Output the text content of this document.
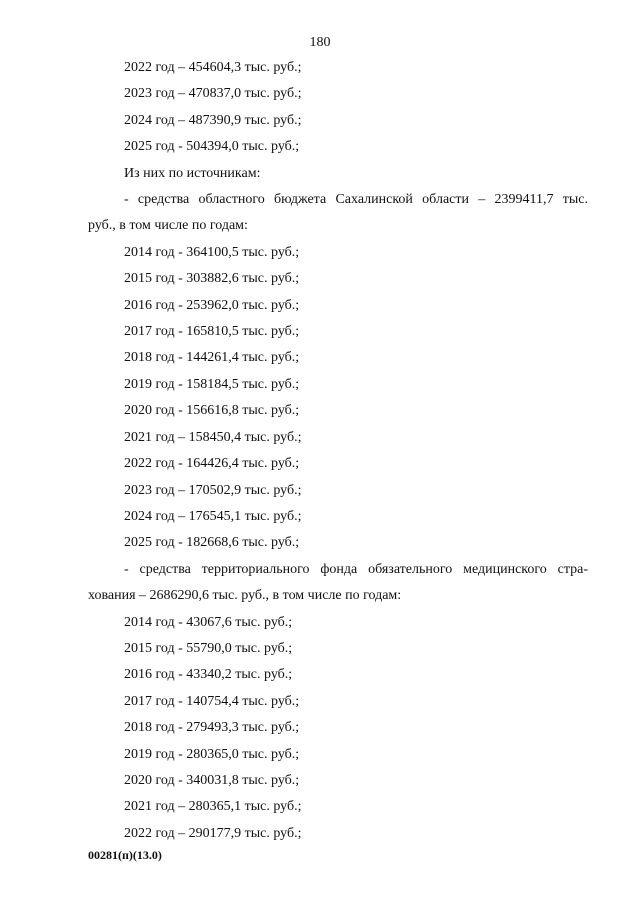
180
2022 год – 454604,3 тыс. руб.;
2023 год – 470837,0 тыс. руб.;
2024 год – 487390,9 тыс. руб.;
2025 год - 504394,0 тыс. руб.;
Из них по источникам:
- средства областного бюджета Сахалинской области – 2399411,7 тыс.
руб., в том числе по годам:
2014 год - 364100,5 тыс. руб.;
2015 год - 303882,6 тыс. руб.;
2016 год - 253962,0 тыс. руб.;
2017 год - 165810,5 тыс. руб.;
2018 год - 144261,4 тыс. руб.;
2019 год - 158184,5 тыс. руб.;
2020 год - 156616,8 тыс. руб.;
2021 год – 158450,4 тыс. руб.;
2022 год - 164426,4 тыс. руб.;
2023 год – 170502,9 тыс. руб.;
2024 год – 176545,1 тыс. руб.;
2025 год - 182668,6 тыс. руб.;
- средства территориального фонда обязательного медицинского стра-
хования – 2686290,6 тыс. руб., в том числе по годам:
2014 год - 43067,6 тыс. руб.;
2015 год - 55790,0 тыс. руб.;
2016 год - 43340,2 тыс. руб.;
2017 год - 140754,4 тыс. руб.;
2018 год - 279493,3 тыс. руб.;
2019 год - 280365,0 тыс. руб.;
2020 год - 340031,8 тыс. руб.;
2021 год – 280365,1 тыс. руб.;
2022 год – 290177,9 тыс. руб.;
00281(п)(13.0)
